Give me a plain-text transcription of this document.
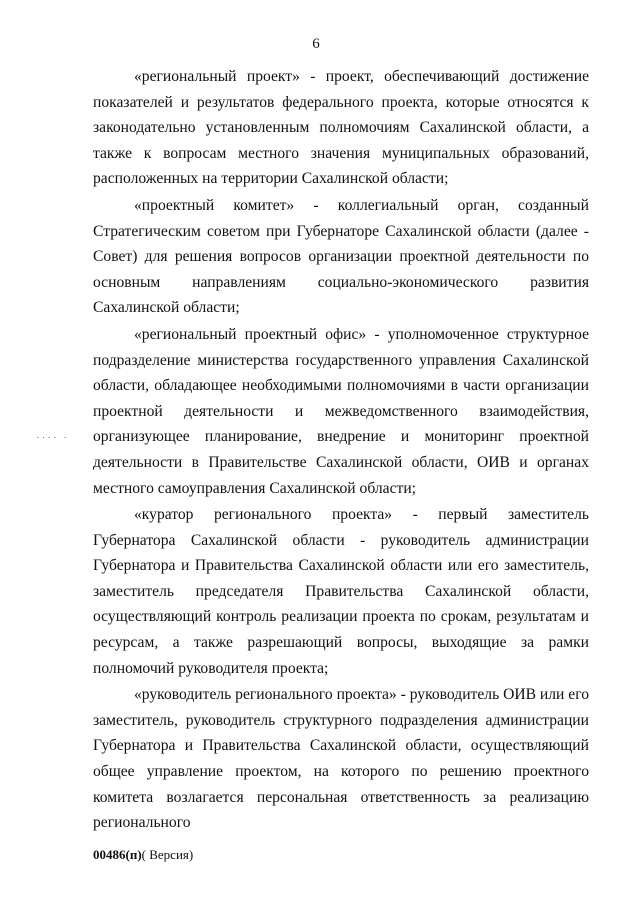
6

«региональный проект» - проект, обеспечивающий достижение показателей и результатов федерального проекта, которые относятся к законодательно установленным полномочиям Сахалинской области, а также к вопросам местного значения муниципальных образований, расположенных на территории Сахалинской области;

«проектный комитет» - коллегиальный орган, созданный Стратегическим советом при Губернаторе Сахалинской области (далее - Совет) для решения вопросов организации проектной деятельности по основным направлениям социально-экономического развития Сахалинской области;

«региональный проектный офис» - уполномоченное структурное подразделение министерства государственного управления Сахалинской области, обладающее необходимыми полномочиями в части организации проектной деятельности и межведомственного взаимодействия, организующее планирование, внедрение и мониторинг проектной деятельности в Правительстве Сахалинской области, ОИВ и органах местного самоуправления Сахалинской области;

«куратор регионального проекта» - первый заместитель Губернатора Сахалинской области - руководитель администрации Губернатора и Правительства Сахалинской области или его заместитель, заместитель председателя Правительства Сахалинской области, осуществляющий контроль реализации проекта по срокам, результатам и ресурсам, а также разрешающий вопросы, выходящие за рамки полномочий руководителя проекта;

«руководитель регионального проекта» - руководитель ОИВ или его заместитель, руководитель структурного подразделения администрации Губернатора и Правительства Сахалинской области, осуществляющий общее управление проектом, на которого по решению проектного комитета возлагается персональная ответственность за реализацию регионального

···· ·
00486(п)( Версия)
